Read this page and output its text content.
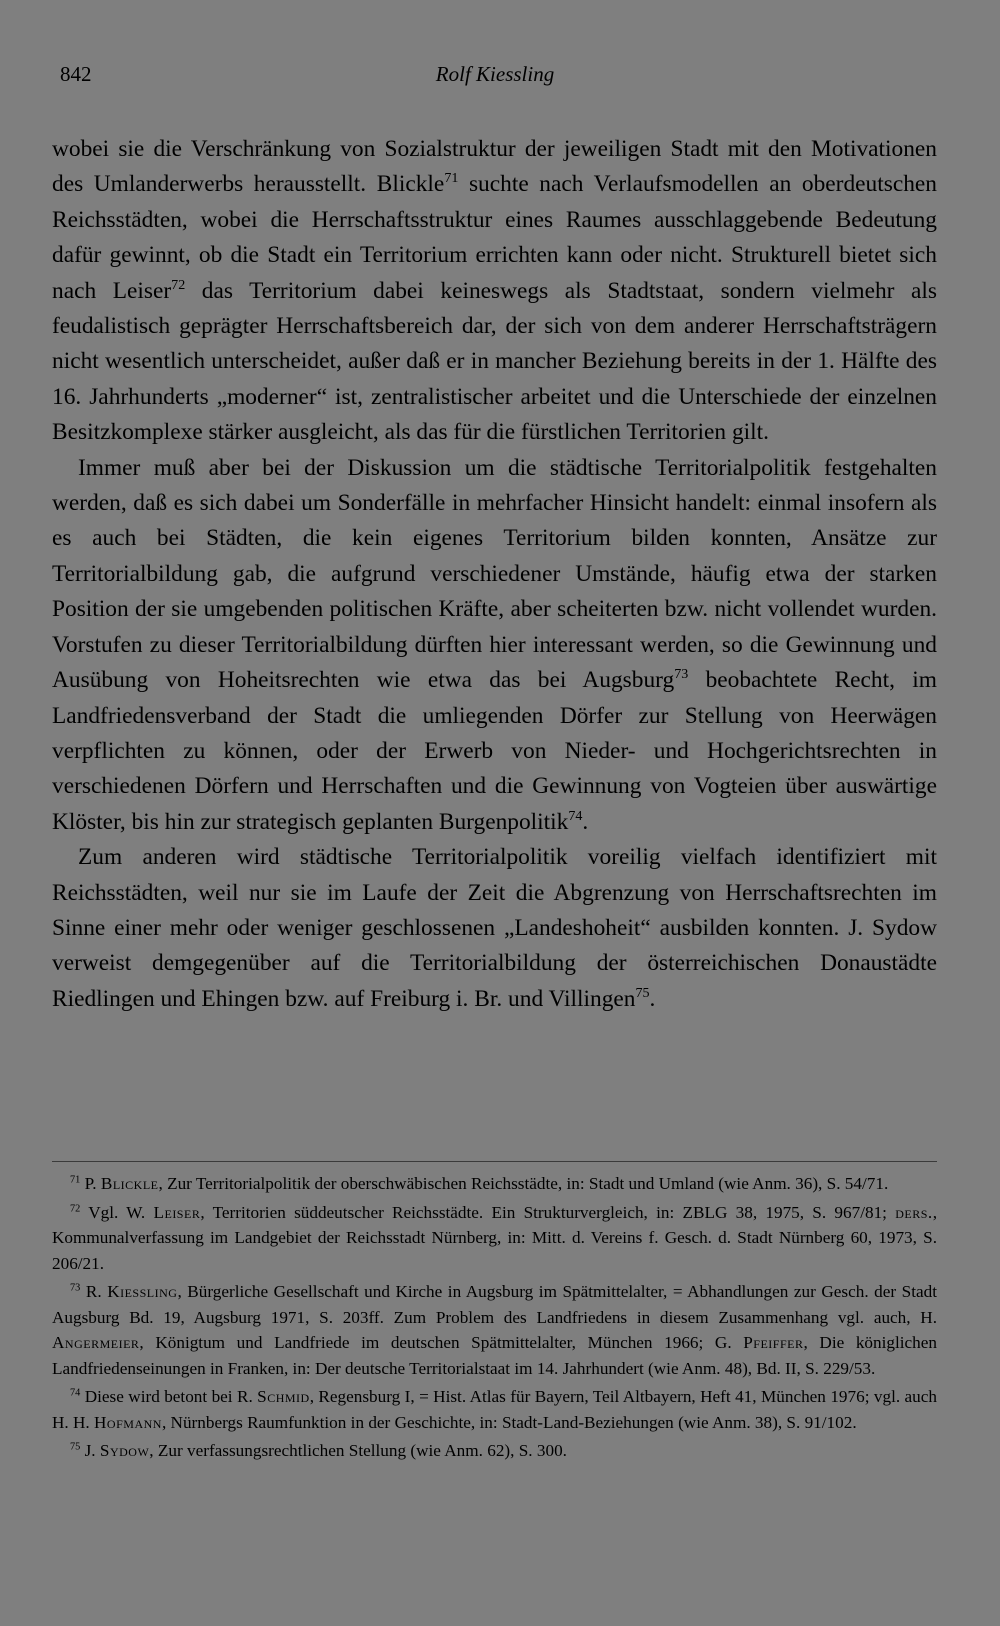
842	Rolf Kiessling

wobei sie die Verschränkung von Sozialstruktur der jeweiligen Stadt mit den Motivationen des Umlanderwerbs herausstellt. Blickle$^{71}$ suchte nach Verlaufsmodellen an oberdeutschen Reichsstädten, wobei die Herrschaftsstruktur eines Raumes ausschlaggebende Bedeutung dafür gewinnt, ob die Stadt ein Territorium errichten kann oder nicht. Strukturell bietet sich nach Leiser$^{72}$ das Territorium dabei keineswegs als Stadtstaat, sondern vielmehr als feudalistisch geprägter Herrschaftsbereich dar, der sich von dem anderer Herrschaftsträgern nicht wesentlich unterscheidet, außer daß er in mancher Beziehung bereits in der 1. Hälfte des 16. Jahrhunderts „moderner“ ist, zentralistischer arbeitet und die Unterschiede der einzelnen Besitzkomplexe stärker ausgleicht, als das für die fürstlichen Territorien gilt.

Immer muß aber bei der Diskussion um die städtische Territorialpolitik festgehalten werden, daß es sich dabei um Sonderfälle in mehrfacher Hinsicht handelt: einmal insofern als es auch bei Städten, die kein eigenes Territorium bilden konnten, Ansätze zur Territorialbildung gab, die aufgrund verschiedener Umstände, häufig etwa der starken Position der sie umgebenden politischen Kräfte, aber scheiterten bzw. nicht vollendet wurden. Vorstufen zu dieser Territorialbildung dürften hier interessant werden, so die Gewinnung und Ausübung von Hoheitsrechten wie etwa das bei Augsburg$^{73}$ beobachtete Recht, im Landfriedensverband der Stadt die umliegenden Dörfer zur Stellung von Heerwägen verpflichten zu können, oder der Erwerb von Nieder- und Hochgerichtsrechten in verschiedenen Dörfern und Herrschaften und die Gewinnung von Vogteien über auswärtige Klöster, bis hin zur strategisch geplanten Burgenpolitik$^{74}$.

Zum anderen wird städtische Territorialpolitik voreilig vielfach identifiziert mit Reichsstädten, weil nur sie im Laufe der Zeit die Abgrenzung von Herrschaftsrechten im Sinne einer mehr oder weniger geschlossenen „Landeshoheit“ ausbilden konnten. J. Sydow verweist demgegenüber auf die Territorialbildung der österreichischen Donaustädte Riedlingen und Ehingen bzw. auf Freiburg i. Br. und Villingen$^{75}$.

$^{71}$ P. Blickle, Zur Territorialpolitik der oberschwäbischen Reichsstädte, in: Stadt und Umland (wie Anm. 36), S. 54/71.

$^{72}$ Vgl. W. Leiser, Territorien süddeutscher Reichsstädte. Ein Strukturvergleich, in: ZBLG 38, 1975, S. 967/81; ders., Kommunalverfassung im Landgebiet der Reichsstadt Nürnberg, in: Mitt. d. Vereins f. Gesch. d. Stadt Nürnberg 60, 1973, S. 206/21.

$^{73}$ R. Kiessling, Bürgerliche Gesellschaft und Kirche in Augsburg im Spätmittelalter, = Abhandlungen zur Gesch. der Stadt Augsburg Bd. 19, Augsburg 1971, S. 203ff. Zum Problem des Landfriedens in diesem Zusammenhang vgl. auch, H. Angermeier, Königtum und Landfriede im deutschen Spätmittelalter, München 1966; G. Pfeiffer, Die königlichen Landfriedenseinungen in Franken, in: Der deutsche Territorialstaat im 14. Jahrhundert (wie Anm. 48), Bd. II, S. 229/53.

$^{74}$ Diese wird betont bei R. Schmid, Regensburg I, = Hist. Atlas für Bayern, Teil Altbayern, Heft 41, München 1976; vgl. auch H. H. Hofmann, Nürnbergs Raumfunktion in der Geschichte, in: Stadt-Land-Beziehungen (wie Anm. 38), S. 91/102.

$^{75}$ J. Sydow, Zur verfassungsrechtlichen Stellung (wie Anm. 62), S. 300.
